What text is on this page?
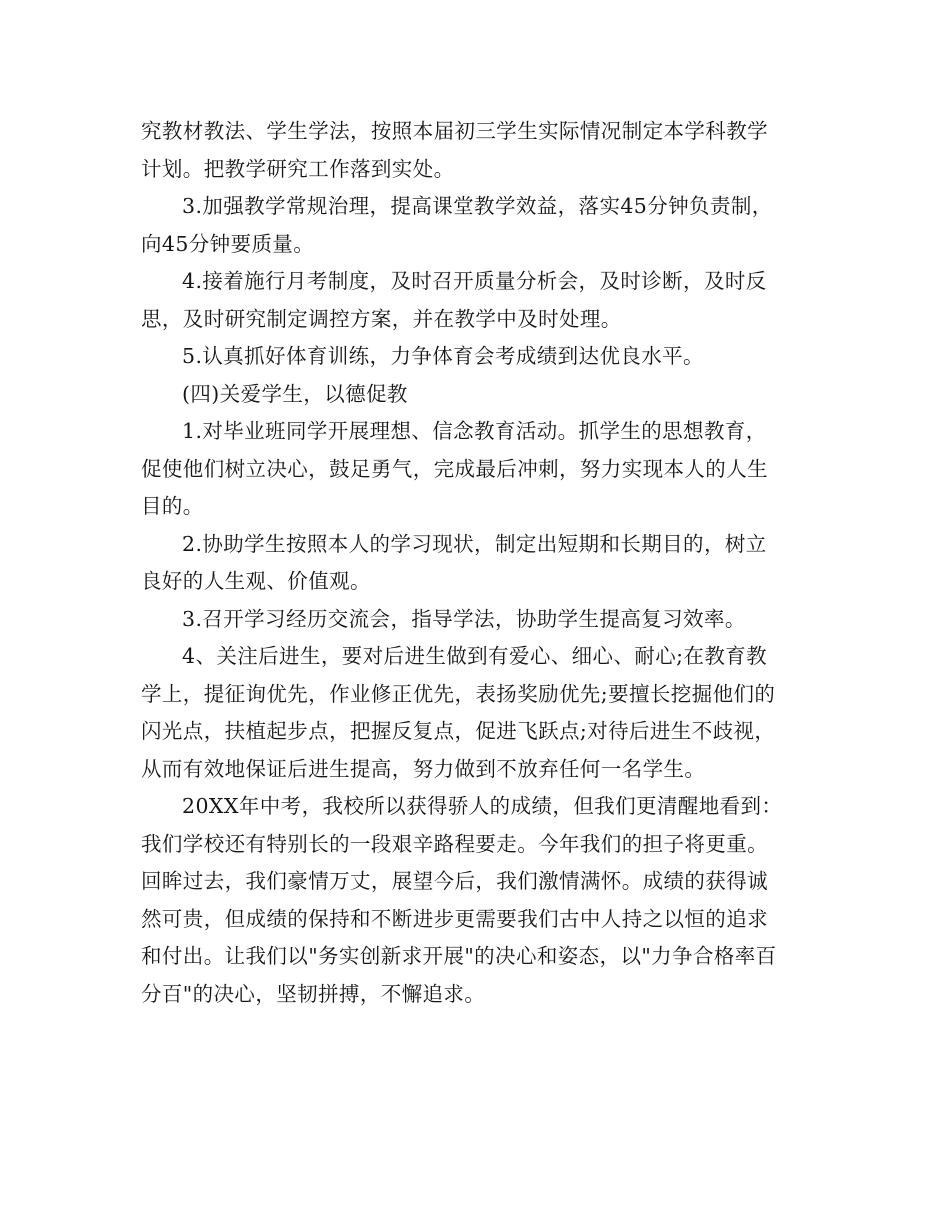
究教材教法、学生学法，按照本届初三学生实际情况制定本学科教学
计划。把教学研究工作落到实处。
3.加强教学常规治理，提高课堂教学效益，落实45分钟负责制，
向45分钟要质量。
4.接着施行月考制度，及时召开质量分析会，及时诊断，及时反
思，及时研究制定调控方案，并在教学中及时处理。
5.认真抓好体育训练，力争体育会考成绩到达优良水平。
(四)关爱学生，以德促教
1.对毕业班同学开展理想、信念教育活动。抓学生的思想教育，
促使他们树立决心，鼓足勇气，完成最后冲刺，努力实现本人的人生
目的。
2.协助学生按照本人的学习现状，制定出短期和长期目的，树立
良好的人生观、价值观。
3.召开学习经历交流会，指导学法，协助学生提高复习效率。
4、关注后进生，要对后进生做到有爱心、细心、耐心;在教育教
学上，提征询优先，作业修正优先，表扬奖励优先;要擅长挖掘他们的
闪光点，扶植起步点，把握反复点，促进飞跃点;对待后进生不歧视，
从而有效地保证后进生提高，努力做到不放弃任何一名学生。
20XX年中考，我校所以获得骄人的成绩，但我们更清醒地看到：
我们学校还有特别长的一段艰辛路程要走。今年我们的担子将更重。
回眸过去，我们豪情万丈，展望今后，我们激情满怀。成绩的获得诚
然可贵，但成绩的保持和不断进步更需要我们古中人持之以恒的追求
和付出。让我们以"务实创新求开展"的决心和姿态，以"力争合格率百
分百"的决心，坚韧拼搏，不懈追求。
